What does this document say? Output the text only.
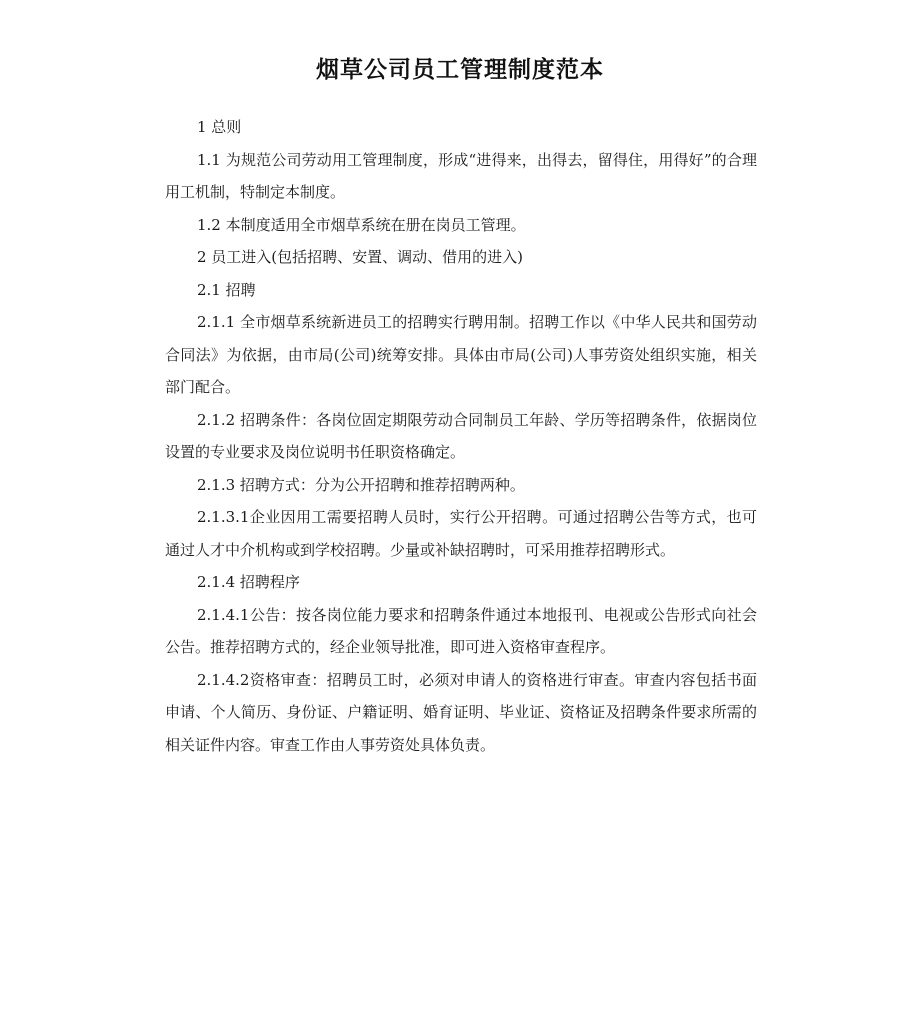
烟草公司员工管理制度范本

1 总则

1.1 为规范公司劳动用工管理制度，形成“进得来，出得去，留得住，用得好”的合理用工机制，特制定本制度。

1.2 本制度适用全市烟草系统在册在岗员工管理。

2 员工进入(包括招聘、安置、调动、借用的进入)

2.1 招聘

2.1.1 全市烟草系统新进员工的招聘实行聘用制。招聘工作以《中华人民共和国劳动合同法》为依据，由市局(公司)统筹安排。具体由市局(公司)人事劳资处组织实施，相关部门配合。

2.1.2 招聘条件：各岗位固定期限劳动合同制员工年龄、学历等招聘条件，依据岗位设置的专业要求及岗位说明书任职资格确定。

2.1.3 招聘方式：分为公开招聘和推荐招聘两种。

2.1.3.1企业因用工需要招聘人员时，实行公开招聘。可通过招聘公告等方式，也可通过人才中介机构或到学校招聘。少量或补缺招聘时，可采用推荐招聘形式。

2.1.4 招聘程序

2.1.4.1公告：按各岗位能力要求和招聘条件通过本地报刊、电视或公告形式向社会公告。推荐招聘方式的，经企业领导批准，即可进入资格审查程序。

2.1.4.2资格审查：招聘员工时，必须对申请人的资格进行审查。审查内容包括书面申请、个人简历、身份证、户籍证明、婚育证明、毕业证、资格证及招聘条件要求所需的相关证件内容。审查工作由人事劳资处具体负责。
